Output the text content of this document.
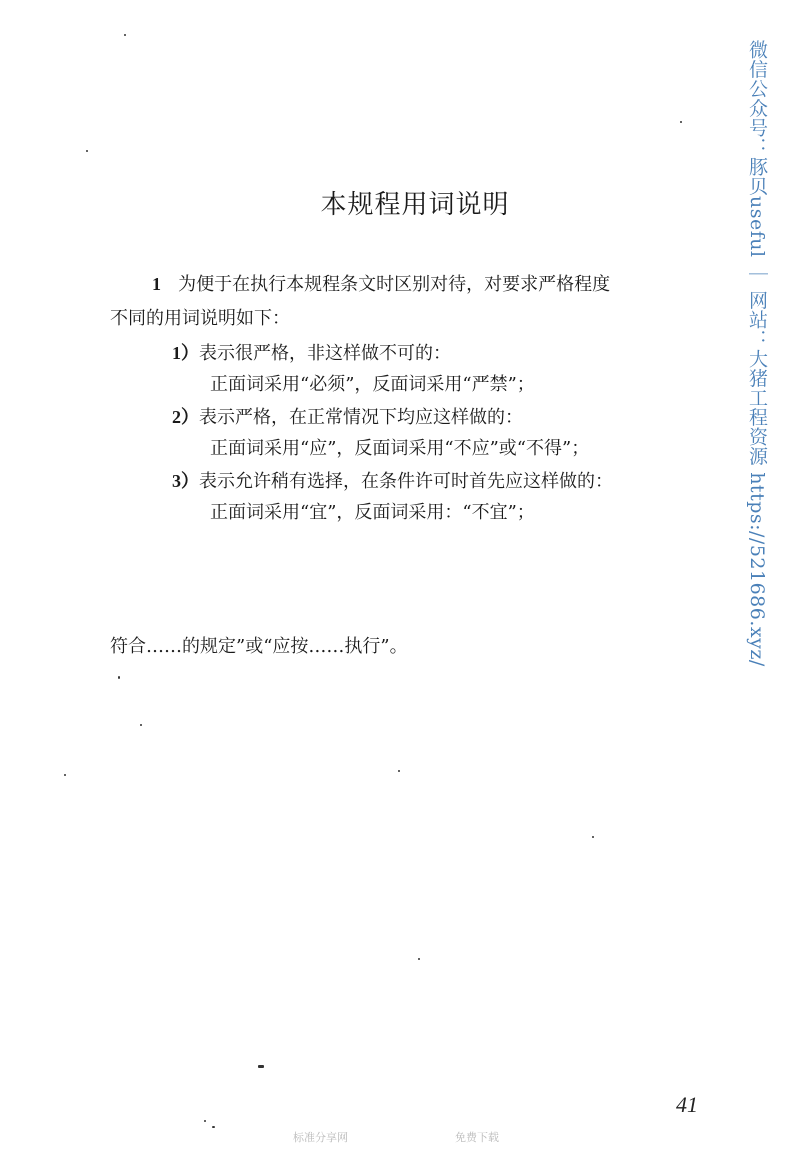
本规程用词说明
1 为便于在执行本规程条文时区别对待，对要求严格程度
不同的用词说明如下：
1）表示很严格，非这样做不可的：
正面词采用“必须”，反面词采用“严禁”；
2）表示严格，在正常情况下均应这样做的：
正面词采用“应”，反面词采用“不应”或“不得”；
3）表示允许稍有选择，在条件许可时首先应这样做的：
正面词采用“宜”，反面词采用：“不宜”；
符合……的规定”或“应按……执行”。	微信公众号：豚贝useful ｜ 网站：大猪工程资源 https://521686.xyz/
41
标准分享网	免费下载
